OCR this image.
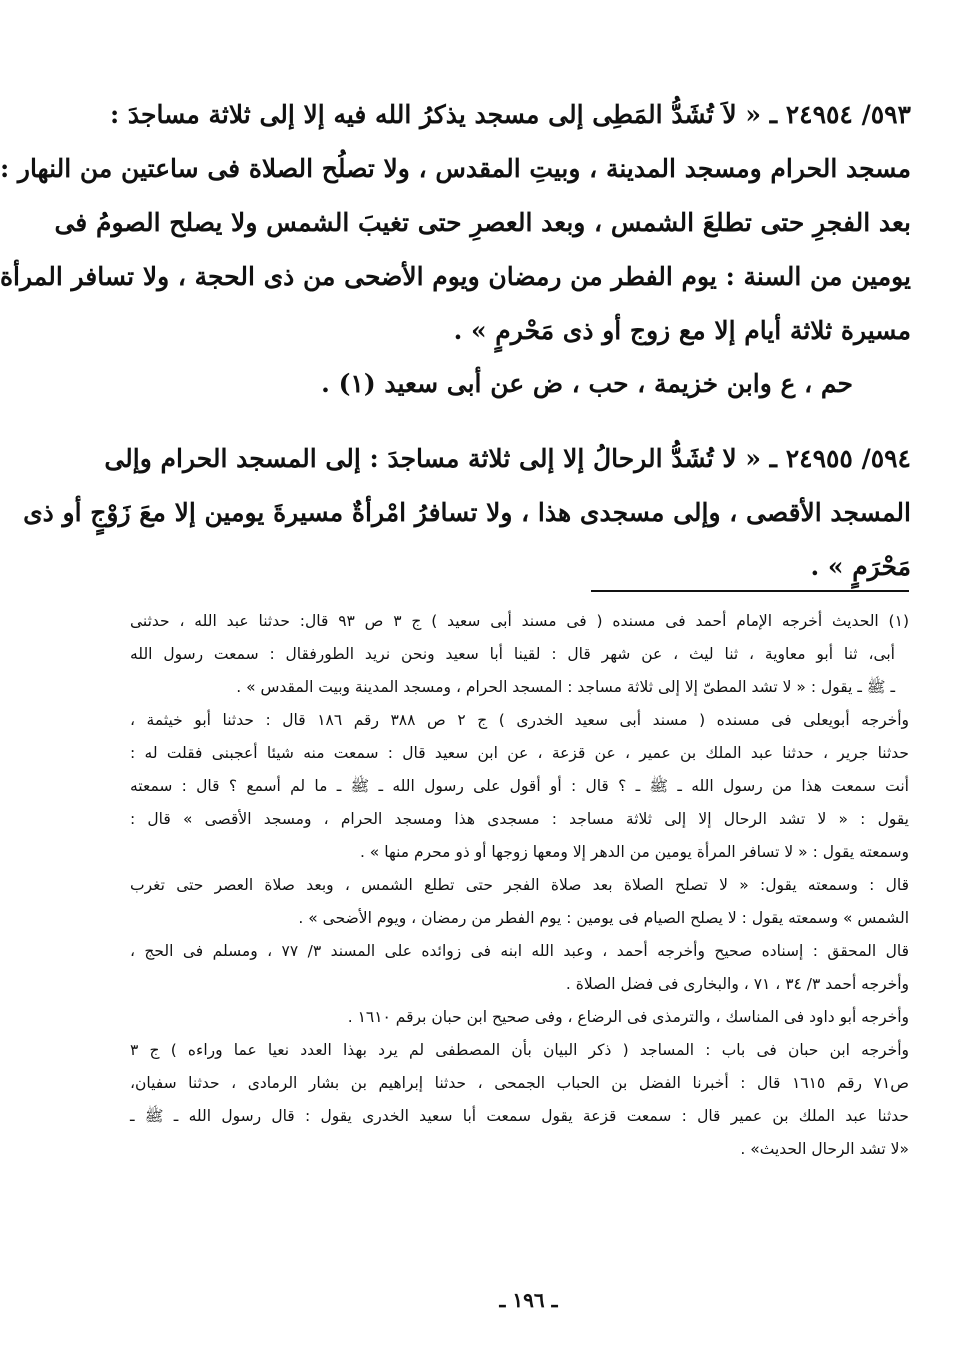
٥٩٣/ ٢٤٩٥٤ ـ « لاَ تُشَدُّ المَطِى إلى مسجد يذكرُ الله فيه إلا إلى ثلاثة مساجدَ :
مسجد الحرام ومسجد المدينة ، وبيتِ المقدس ، ولا تصلُح الصلاة فى ساعتين من النهار :
بعد الفجرِ حتى تطلعَ الشمس ، وبعد العصرِ حتى تغيبَ الشمس ولا يصلح الصومُ فى
يومين من السنة : يوم الفطر من رمضان ويوم الأضحى من ذى الحجة ، ولا تسافر المرأة
مسيرة ثلاثة أيام إلا مع زوج أو ذى مَحْرمٍ » .
حم ، ع وابن خزيمة ، حب ، ض عن أبى سعيد (١) .
٥٩٤/ ٢٤٩٥٥ ـ « لا تُشَدُّ الرحالُ إلا إلى ثلاثة مساجدَ : إلى المسجد الحرام وإلى
المسجد الأقصى ، وإلى مسجدى هذا ، ولا تسافرُ امْرأةٌ مسيرةَ يومين إلا معَ زَوْجٍ أو ذى
مَحْرَمٍ » .
(١) الحديث أخرجه الإمام أحمد فى مسنده ( فى مسند أبى سعيد ) ج ٣ ص ٩٣ قال: حدثنا عبد الله ، حدثنى
أبى، ثنا أبو معاوية ، ثنا ليث ، عن شهر قال : لقينا أبا سعيد ونحن نريد الطورفقال : سمعت رسول الله
ـ ﷺ ـ يقول : « لا تشد المطىّ إلا إلى ثلاثة مساجد : المسجد الحرام ، ومسجد المدينة وبيت المقدس » .
وأخرجه أبويعلى فى مسنده ( مسند أبى سعيد الخدرى ) ج ٢ ص ٣٨٨ رقم ١٨٦ قال : حدثنا أبو خيثمة ،
حدثنا جرير ، حدثنا عبد الملك بن عمير ، عن قزعة ، عن ابن سعيد قال : سمعت منه شيئا أعجبنى فقلت له :
أنت سمعت هذا من رسول الله ـ ﷺ ـ ؟ قال : أو أقول على رسول الله ـ ﷺ ـ ما لم أسمع ؟ قال : سمعته
يقول : « لا تشد الرحال إلا إلى ثلاثة مساجد : مسجدى هذا ومسجد الحرام ، ومسجد الأقصى » قال :
وسمعته يقول : « لا تسافر المرأة يومين من الدهر إلا ومعها زوجها أو ذو محرم منها » .
قال : وسمعته يقول: « لا تصلح الصلاة بعد صلاة الفجر حتى تطلع الشمس ، وبعد صلاة العصر حتى تغرب
الشمس » وسمعته يقول : لا يصلح الصيام فى يومين : يوم الفطر من رمضان ، ويوم الأضحى » .
قال المحقق : إسناده صحيح وأخرجه أحمد ، وعبد الله ابنه فى زوائده على المسند ٣/ ٧٧ ، ومسلم فى الحج ،
وأخرجه أحمد ٣/ ٣٤ ، ٧١ ، والبخارى فى فضل الصلاة .
وأخرجه أبو داود فى المناسك ، والترمذى فى الرضاع ، وفى صحيح ابن حبان برقم ١٦١٠ .
وأخرجه ابن حبان فى باب : المساجد ( ذكر البيان بأن المصطفى لم يرد بهذا العدد نعيا عما وراءه ) ج ٣
ص٧١ رقم ١٦١٥ قال : أخبرنا الفضل بن الحباب الجمحى ، حدثنا إبراهيم بن بشار الرمادى ، حدثنا سفيان،
حدثنا عبد الملك بن عمير قال : سمعت قزعة يقول سمعت أبا سعيد الخدرى يقول : قال رسول الله ـ ﷺ ـ
«لا تشد الرحال الحديث» .
ـ ١٩٦ ـ
